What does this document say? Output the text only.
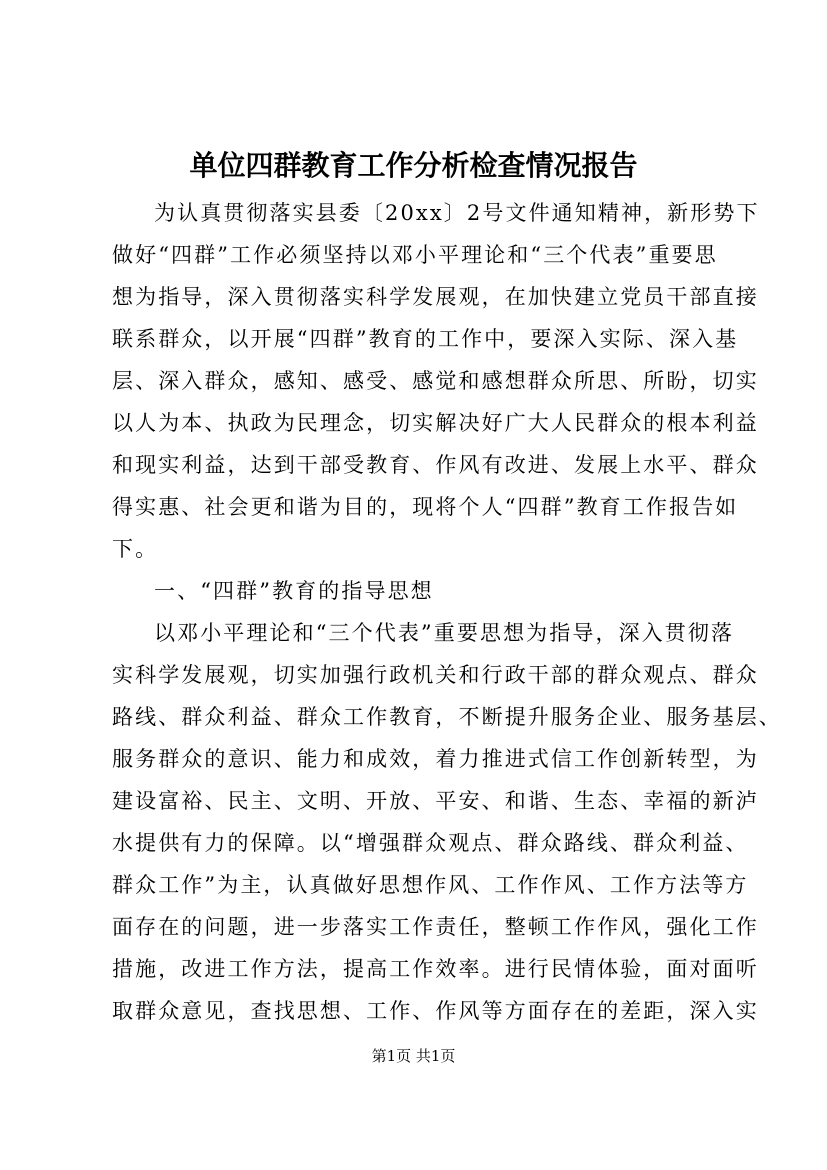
单位四群教育工作分析检查情况报告

为认真贯彻落实县委〔20xx〕2号文件通知精神，新形势下

做好“四群”工作必须坚持以邓小平理论和“三个代表”重要思

想为指导，深入贯彻落实科学发展观，在加快建立党员干部直接

联系群众，以开展“四群”教育的工作中，要深入实际、深入基

层、深入群众，感知、感受、感觉和感想群众所思、所盼，切实

以人为本、执政为民理念，切实解决好广大人民群众的根本利益

和现实利益，达到干部受教育、作风有改进、发展上水平、群众

得实惠、社会更和谐为目的，现将个人“四群”教育工作报告如

下。

一、“四群”教育的指导思想

以邓小平理论和“三个代表”重要思想为指导，深入贯彻落

实科学发展观，切实加强行政机关和行政干部的群众观点、群众

路线、群众利益、群众工作教育，不断提升服务企业、服务基层、

服务群众的意识、能力和成效，着力推进式信工作创新转型，为

建设富裕、民主、文明、开放、平安、和谐、生态、幸福的新泸

水提供有力的保障。以“增强群众观点、群众路线、群众利益、

群众工作”为主，认真做好思想作风、工作作风、工作方法等方

面存在的问题，进一步落实工作责任，整顿工作作风，强化工作

措施，改进工作方法，提高工作效率。进行民情体验，面对面听

取群众意见，查找思想、工作、作风等方面存在的差距，深入实

第1页 共1页
